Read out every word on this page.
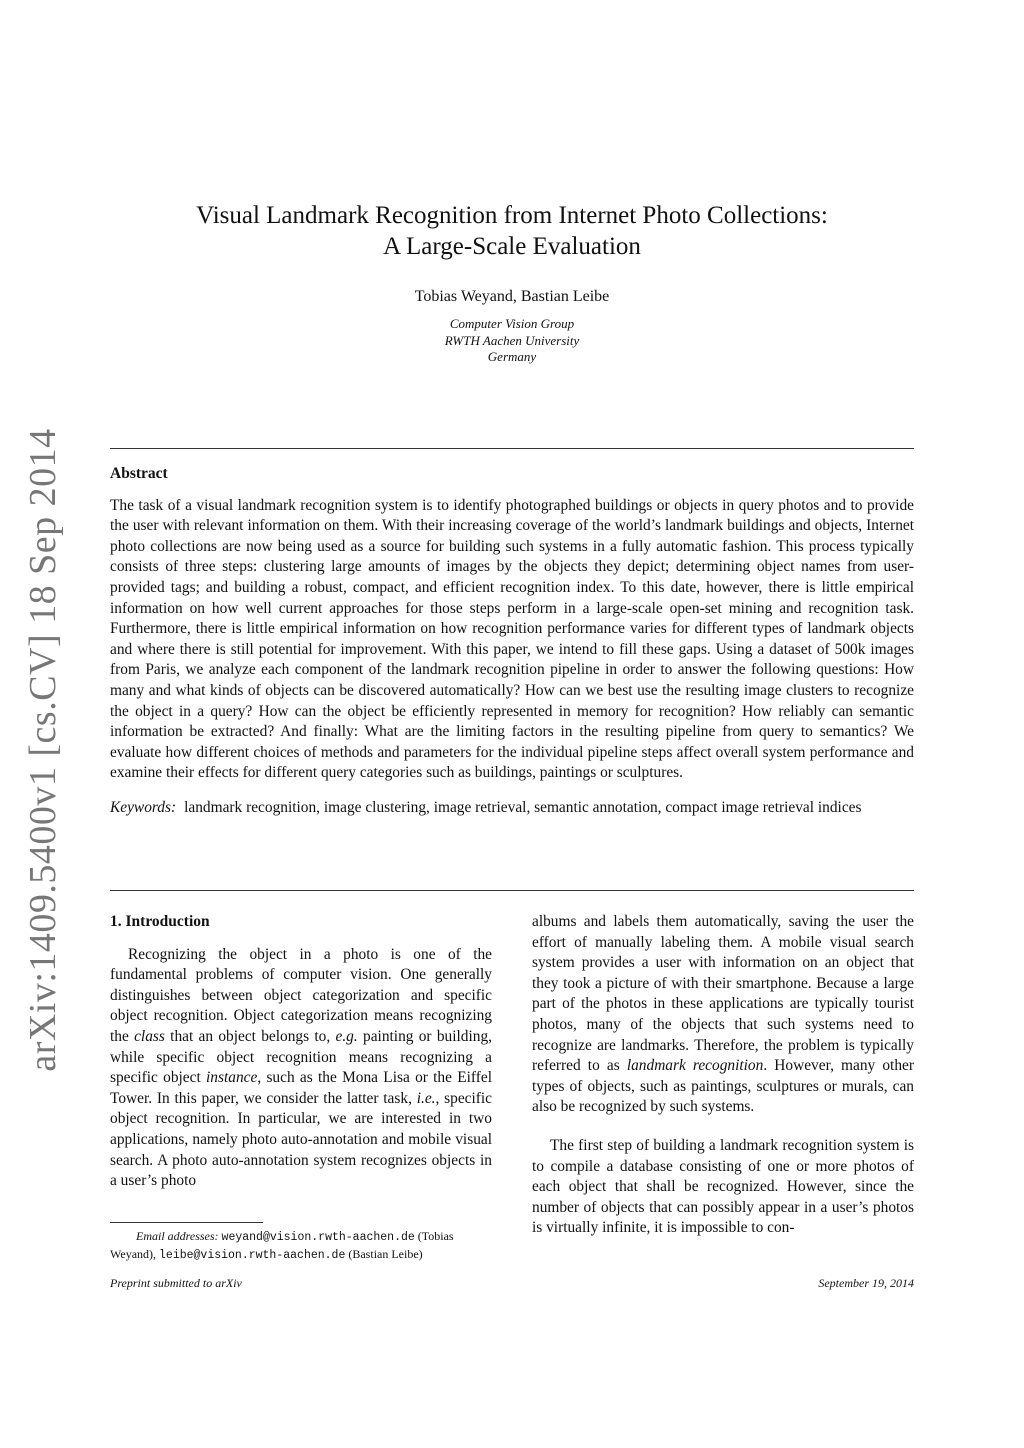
arXiv:1409.5400v1 [cs.CV] 18 Sep 2014
Visual Landmark Recognition from Internet Photo Collections:
A Large-Scale Evaluation
Tobias Weyand, Bastian Leibe
Computer Vision Group
RWTH Aachen University
Germany
Abstract

The task of a visual landmark recognition system is to identify photographed buildings or objects in query photos and to provide the user with relevant information on them. With their increasing coverage of the world’s landmark buildings and objects, Internet photo collections are now being used as a source for building such systems in a fully automatic fashion. This process typically consists of three steps: clustering large amounts of images by the objects they depict; determining object names from user-provided tags; and building a robust, compact, and efficient recognition index. To this date, however, there is little empirical information on how well current approaches for those steps perform in a large-scale open-set mining and recognition task. Furthermore, there is little empirical information on how recognition performance varies for different types of landmark objects and where there is still potential for improvement. With this paper, we intend to fill these gaps. Using a dataset of 500k images from Paris, we analyze each component of the landmark recognition pipeline in order to answer the following questions: How many and what kinds of objects can be discovered automatically? How can we best use the resulting image clusters to recognize the object in a query? How can the object be efficiently represented in memory for recognition? How reliably can semantic information be extracted? And finally: What are the limiting factors in the resulting pipeline from query to semantics? We evaluate how different choices of methods and parameters for the individual pipeline steps affect overall system performance and examine their effects for different query categories such as buildings, paintings or sculptures.

Keywords: landmark recognition, image clustering, image retrieval, semantic annotation, compact image retrieval indices
1. Introduction

Recognizing the object in a photo is one of the fundamental problems of computer vision. One generally distinguishes between object categorization and specific object recognition. Object categorization means recognizing the class that an object belongs to, e.g. painting or building, while specific object recognition means recognizing a specific object instance, such as the Mona Lisa or the Eiffel Tower. In this paper, we consider the latter task, i.e., specific object recognition. In particular, we are interested in two applications, namely photo auto-annotation and mobile visual search. A photo auto-annotation system recognizes objects in a user’s photo

albums and labels them automatically, saving the user the effort of manually labeling them. A mobile visual search system provides a user with information on an object that they took a picture of with their smartphone. Because a large part of the photos in these applications are typically tourist photos, many of the objects that such systems need to recognize are landmarks. Therefore, the problem is typically referred to as landmark recognition. However, many other types of objects, such as paintings, sculptures or murals, can also be recognized by such systems.

The first step of building a landmark recognition system is to compile a database consisting of one or more photos of each object that shall be recognized. However, since the number of objects that can possibly appear in a user’s photos is virtually infinite, it is impossible to con-

Email addresses: weyand@vision.rwth-aachen.de (Tobias Weyand), leibe@vision.rwth-aachen.de (Bastian Leibe)
Preprint submitted to arXiv	September 19, 2014
